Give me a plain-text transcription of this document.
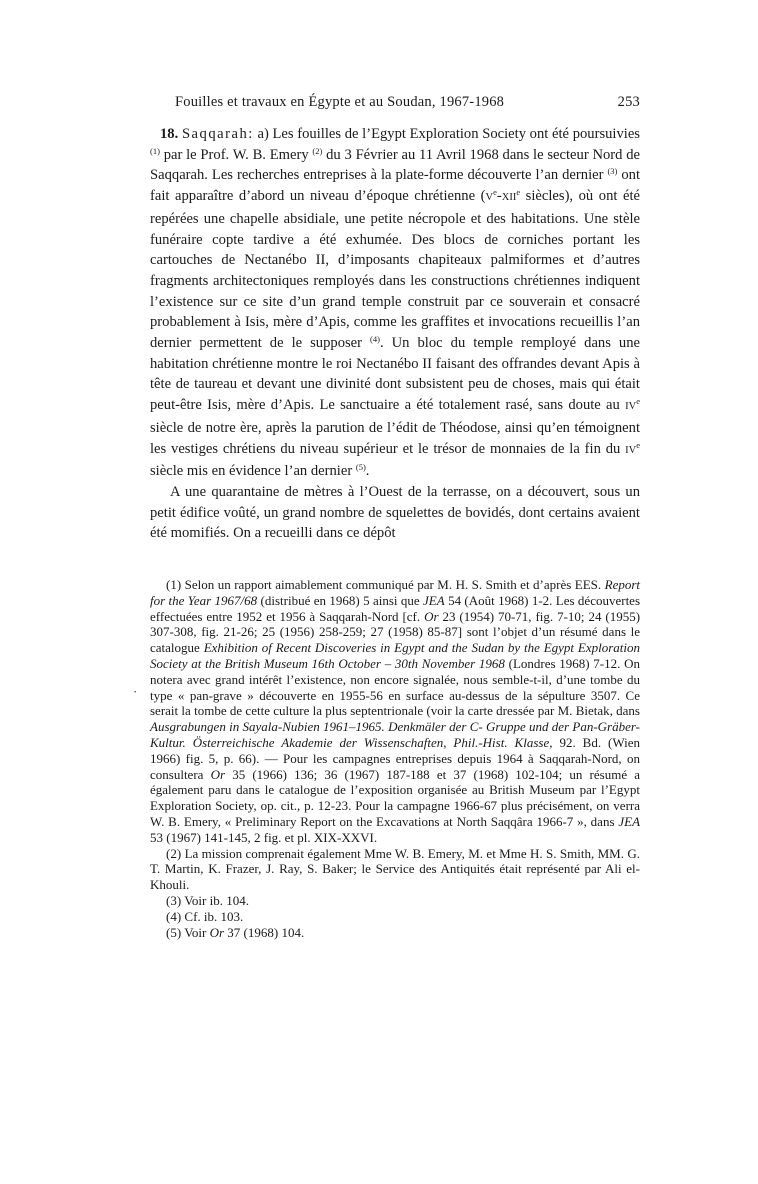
Fouilles et travaux en Égypte et au Soudan, 1967-1968	253

18. Saqqarah: a) Les fouilles de l’Egypt Exploration Society ont été poursuivies $^{(1)}$ par le Prof. W. B. Emery $^{(2)}$ du 3 Février au 11 Avril 1968 dans le secteur Nord de Saqqarah. Les recherches entreprises à la plate-forme découverte l’an dernier $^{(3)}$ ont fait apparaître d’abord un niveau d’époque chrétienne (Ve-XIIe siècles), où ont été repérées une chapelle absidiale, une petite nécropole et des habitations. Une stèle funéraire copte tardive a été exhumée. Des blocs de corniches portant les cartouches de Nectanébo II, d’imposants chapiteaux palmiformes et d’autres fragments architectoniques remployés dans les constructions chrétiennes indiquent l’existence sur ce site d’un grand temple construit par ce souverain et consacré probablement à Isis, mère d’Apis, comme les graffites et invocations recueillis l’an dernier permettent de le supposer $^{(4)}$. Un bloc du temple remployé dans une habitation chrétienne montre le roi Nectanébo II faisant des offrandes devant Apis à tête de taureau et devant une divinité dont subsistent peu de choses, mais qui était peut-être Isis, mère d’Apis. Le sanctuaire a été totalement rasé, sans doute au IVe siècle de notre ère, après la parution de l’édit de Théodose, ainsi qu’en témoignent les vestiges chrétiens du niveau supérieur et le trésor de monnaies de la fin du IVe siècle mis en évidence l’an dernier $^{(5)}$.

A une quarantaine de mètres à l’Ouest de la terrasse, on a découvert, sous un petit édifice voûté, un grand nombre de squelettes de bovidés, dont certains avaient été momifiés. On a recueilli dans ce dépôt

·

(1) Selon un rapport aimablement communiqué par M. H. S. Smith et d’après EES. Report for the Year 1967/68 (distribué en 1968) 5 ainsi que JEA 54 (Août 1968) 1-2. Les découvertes effectuées entre 1952 et 1956 à Saqqarah-Nord [cf. Or 23 (1954) 70-71, fig. 7-10; 24 (1955) 307-308, fig. 21-26; 25 (1956) 258-259; 27 (1958) 85-87] sont l’objet d’un résumé dans le catalogue Exhibition of Recent Discoveries in Egypt and the Sudan by the Egypt Exploration Society at the British Museum 16th October – 30th November 1968 (Londres 1968) 7-12. On notera avec grand intérêt l’existence, non encore signalée, nous semble-t-il, d’une tombe du type « pan-grave » découverte en 1955-56 en surface au-dessus de la sépulture 3507. Ce serait la tombe de cette culture la plus septentrionale (voir la carte dressée par M. Bietak, dans Ausgrabungen in Sayala-Nubien 1961–1965. Denkmäler der C- Gruppe und der Pan-Gräber-Kultur. Österreichische Akademie der Wissenschaften, Phil.-Hist. Klasse, 92. Bd. (Wien 1966) fig. 5, p. 66). — Pour les campagnes entreprises depuis 1964 à Saqqarah-Nord, on consultera Or 35 (1966) 136; 36 (1967) 187-188 et 37 (1968) 102-104; un résumé a également paru dans le catalogue de l’exposition organisée au British Museum par l’Egypt Exploration Society, op. cit., p. 12-23. Pour la campagne 1966-67 plus précisément, on verra W. B. Emery, « Preliminary Report on the Excavations at North Saqqâra 1966-7 », dans JEA 53 (1967) 141-145, 2 fig. et pl. XIX-XXVI.

(2) La mission comprenait également Mme W. B. Emery, M. et Mme H. S. Smith, MM. G. T. Martin, K. Frazer, J. Ray, S. Baker; le Service des Antiquités était représenté par Ali el-Khouli.

(3) Voir ib. 104.

(4) Cf. ib. 103.

(5) Voir Or 37 (1968) 104.
